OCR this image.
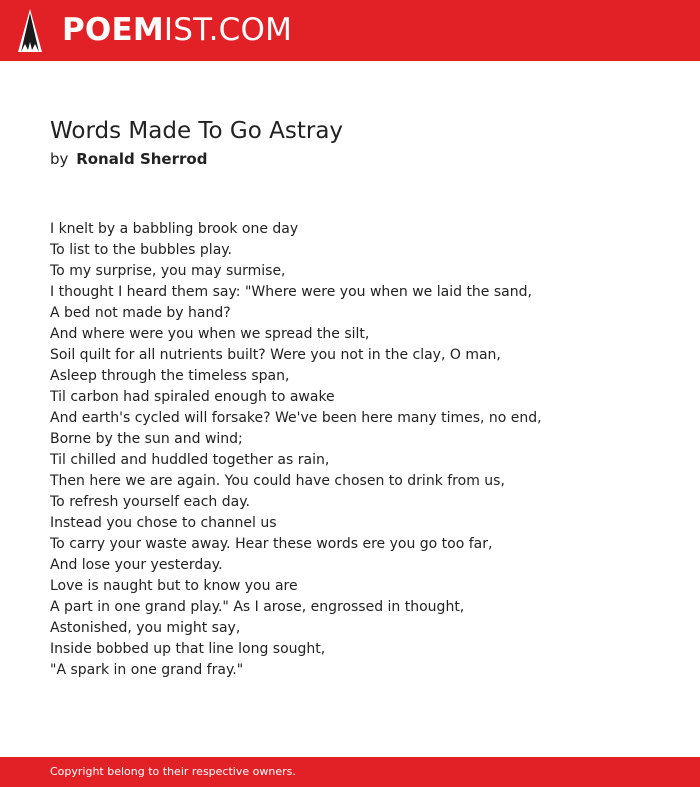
POEMIST.COM
Words Made To Go Astray
by Ronald Sherrod
I knelt by a babbling brook one day
To list to the bubbles play.
To my surprise, you may surmise,
I thought I heard them say: "Where were you when we laid the sand,
A bed not made by hand?
And where were you when we spread the silt,
Soil quilt for all nutrients built? Were you not in the clay, O man,
Asleep through the timeless span,
Til carbon had spiraled enough to awake
And earth's cycled will forsake? We've been here many times, no end,
Borne by the sun and wind;
Til chilled and huddled together as rain,
Then here we are again. You could have chosen to drink from us,
To refresh yourself each day.
Instead you chose to channel us
To carry your waste away. Hear these words ere you go too far,
And lose your yesterday.
Love is naught but to know you are
A part in one grand play." As I arose, engrossed in thought,
Astonished, you might say,
Inside bobbed up that line long sought,
"A spark in one grand fray."
Copyright belong to their respective owners.
